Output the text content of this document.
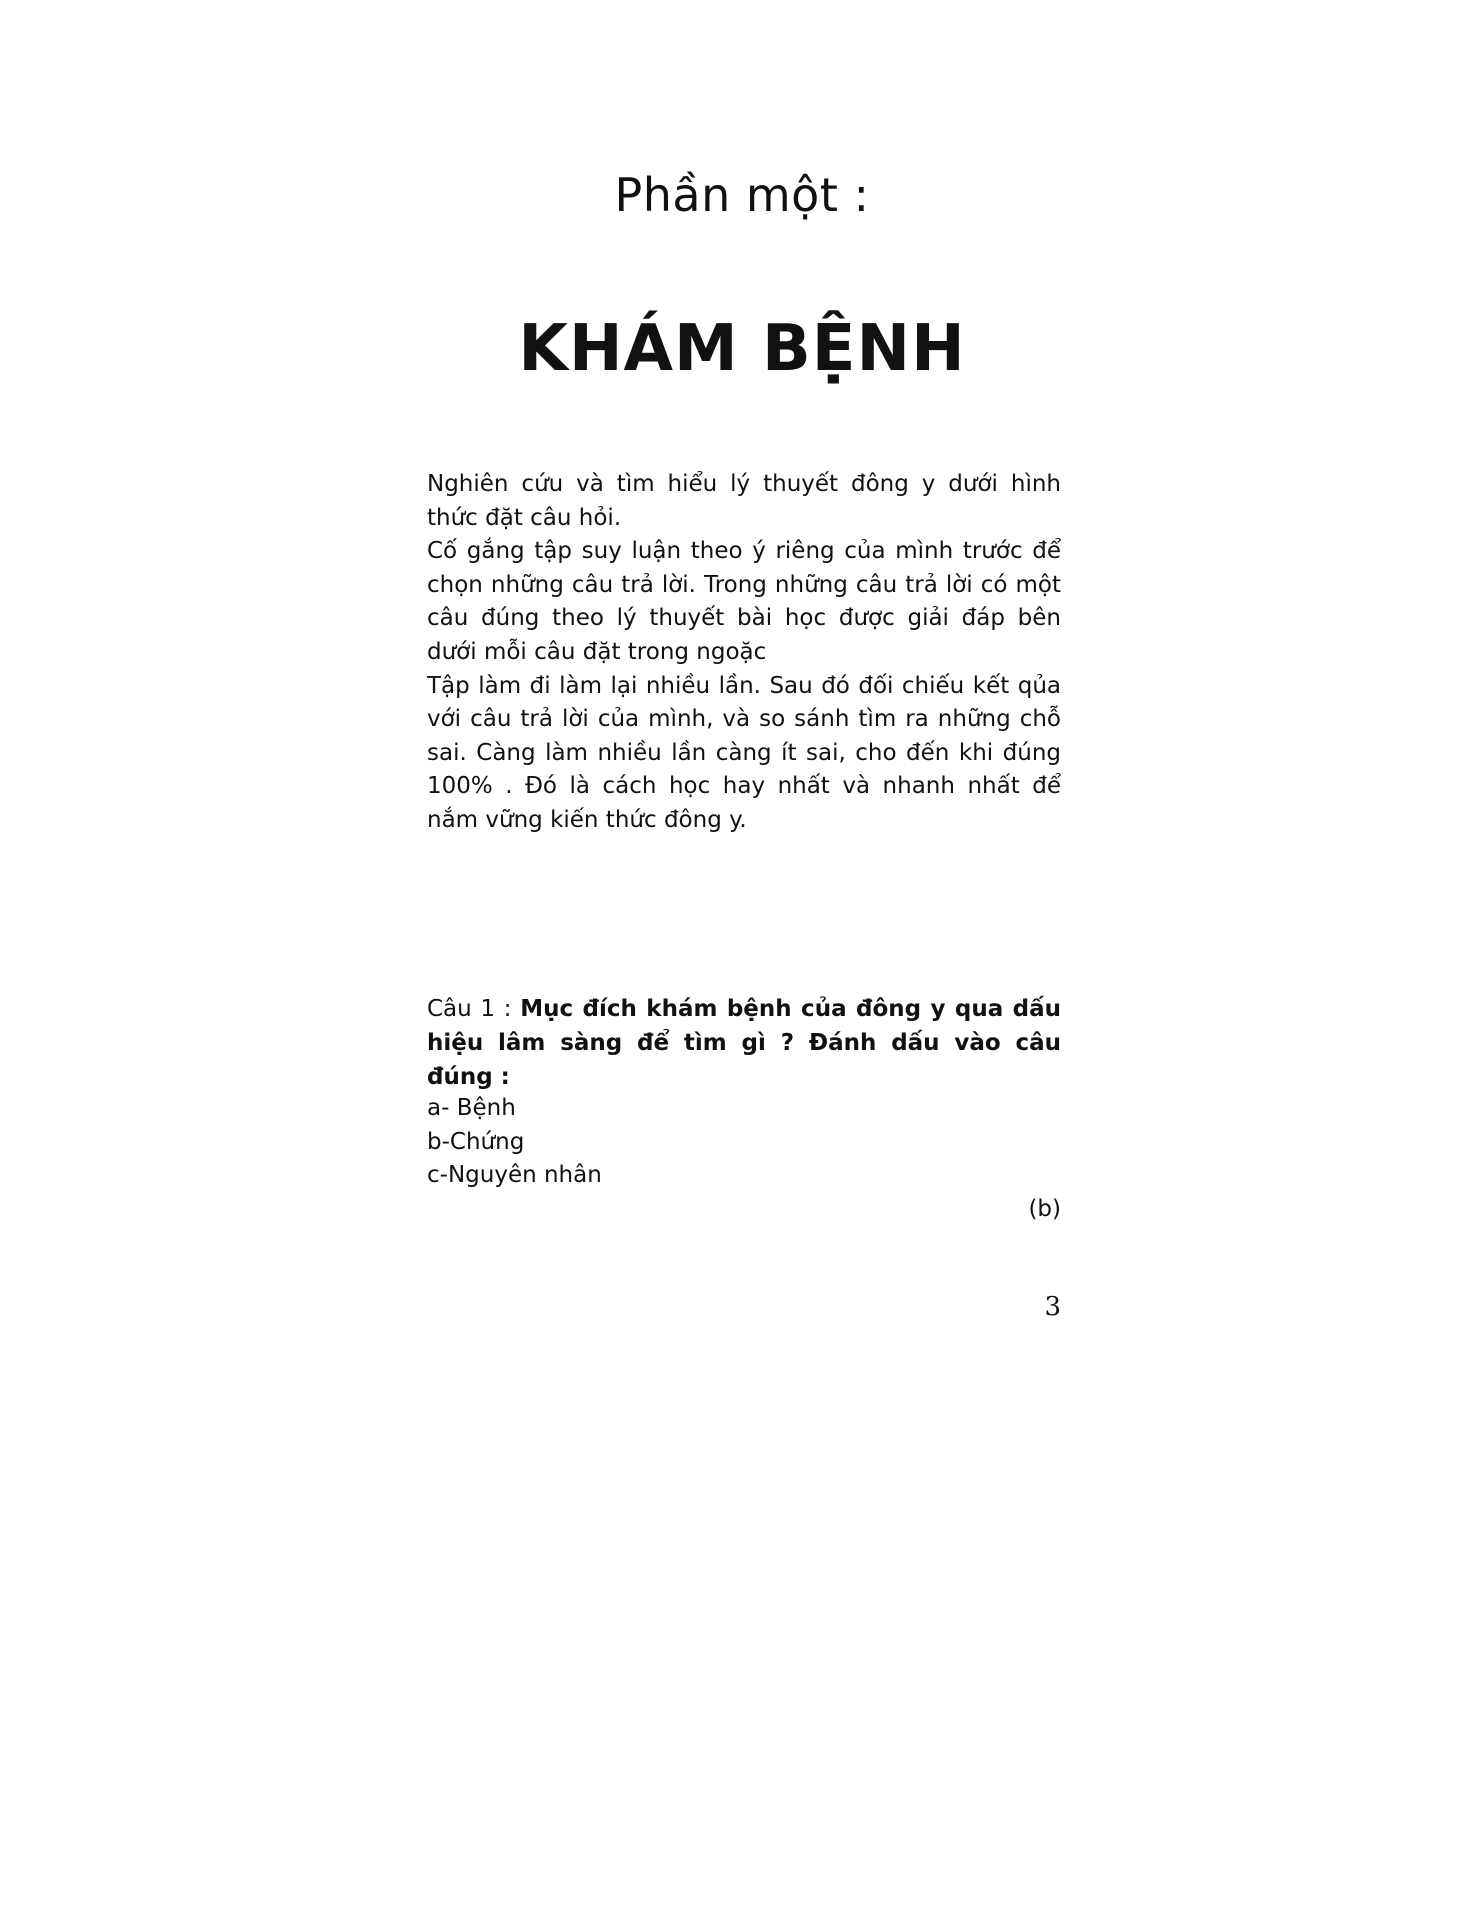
Phần một :
KHÁM BỆNH

Nghiên cứu và tìm hiểu lý thuyết đông y dưới hình thức đặt câu hỏi.

Cố gắng tập suy luận theo ý riêng của mình trước để chọn những câu trả lời. Trong những câu trả lời có một câu đúng theo lý thuyết bài học được giải đáp bên dưới mỗi câu đặt trong ngoặc

Tập làm đi làm lại nhiều lần. Sau đó đối chiếu kết qủa với câu trả lời của mình, và so sánh tìm ra những chỗ sai. Càng làm nhiều lần càng ít sai, cho đến khi đúng 100% . Đó là cách học hay nhất và nhanh nhất để nắm vững kiến thức đông y.

Câu 1 : Mục đích khám bệnh của đông y qua dấu hiệu lâm sàng để tìm gì ? Đánh dấu vào câu đúng :
a- Bệnh
b-Chứng
c-Nguyên nhân
(b)
3
